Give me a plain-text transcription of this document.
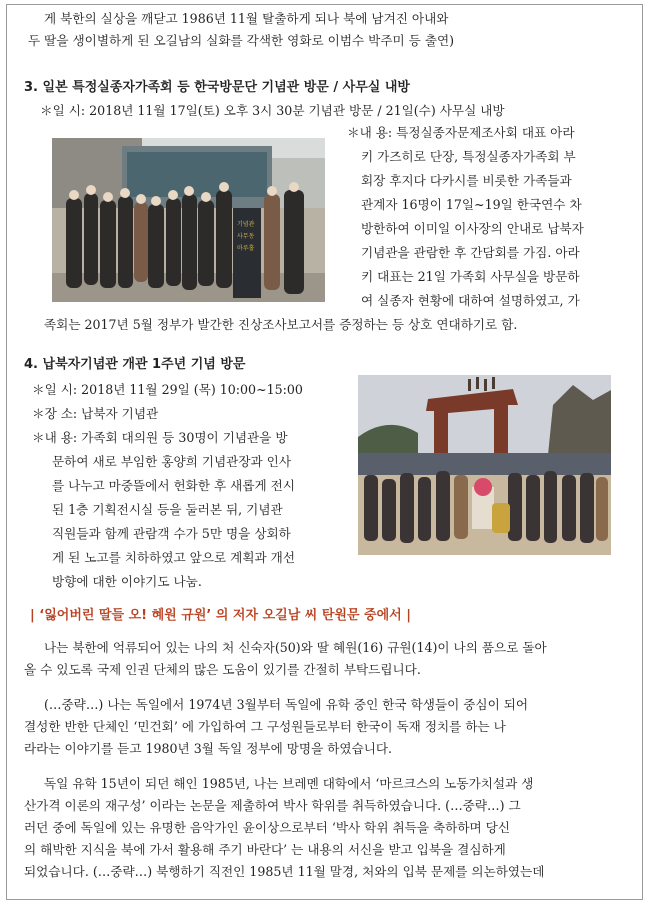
게 북한의 실상을 깨닫고 1986년 11월 탈출하게 되나 북에 남겨진 아내와
두 딸을 생이별하게 된 오길남의 실화를 각색한 영화로 이범수 박주미 등 출연)
3. 일본 특정실종자가족회 등 한국방문단 기념관 방문 / 사무실 내방
＊일 시: 2018년 11월 17일(토) 오후 3시 30분 기념관 방문 / 21일(수) 사무실 내방
기념관
사무동
마루홀
＊내 용: 특정실종자문제조사회 대표 아라
키 가즈히로 단장, 특정실종자가족회 부
회장 후지다 다카시를 비롯한 가족들과
관계자 16명이 17일~19일 한국연수 차
방한하여 이미일 이사장의 안내로 납북자
기념관을 관람한 후 간담회를 가짐. 아라
키 대표는 21일 가족회 사무실을 방문하
여 실종자 현황에 대하여 설명하였고, 가
족회는 2017년 5월 정부가 발간한 진상조사보고서를 증정하는 등 상호 연대하기로 함.
4. 납북자기념관 개관 1주년 기념 방문
＊일 시: 2018년 11월 29일 (목) 10:00~15:00
＊장 소: 납북자 기념관
＊내 용: 가족회 대의원 등 30명이 기념관을 방
문하여 새로 부임한 홍양희 기념관장과 인사
를 나누고 마중뜰에서 헌화한 후 새롭게 전시
된 1층 기획전시실 등을 둘러본 뒤, 기념관
직원들과 함께 관람객 수가 5만 명을 상회하
게 된 노고를 치하하였고 앞으로 계획과 개선
방향에 대한 이야기도 나눔.
| ‘잃어버린 딸들 오! 혜원 규원’ 의 저자 오길남 씨 탄원문 중에서 |
나는 북한에 억류되어 있는 나의 처 신숙자(50)와 딸 혜원(16) 규원(14)이 나의 품으로 돌아
올 수 있도록 국제 인권 단체의 많은 도움이 있기를 간절히 부탁드립니다.
(…중략…) 나는 독일에서 1974년 3월부터 독일에 유학 중인 한국 학생들이 중심이 되어
결성한 반한 단체인 ‘민건회’ 에 가입하여 그 구성원들로부터 한국이 독재 정치를 하는 나
라라는 이야기를 듣고 1980년 3월 독일 정부에 망명을 하였습니다.
독일 유학 15년이 되던 해인 1985년, 나는 브레멘 대학에서 ‘마르크스의 노동가치설과 생
산가격 이론의 재구성’ 이라는 논문을 제출하여 박사 학위를 취득하였습니다. (…중략…) 그
러던 중에 독일에 있는 유명한 음악가인 윤이상으로부터 ‘박사 학위 취득을 축하하며 당신
의 해박한 지식을 북에 가서 활용해 주기 바란다’ 는 내용의 서신을 받고 입북을 결심하게
되었습니다. (…중략…) 북행하기 직전인 1985년 11월 말경, 처와의 입북 문제를 의논하였는데
